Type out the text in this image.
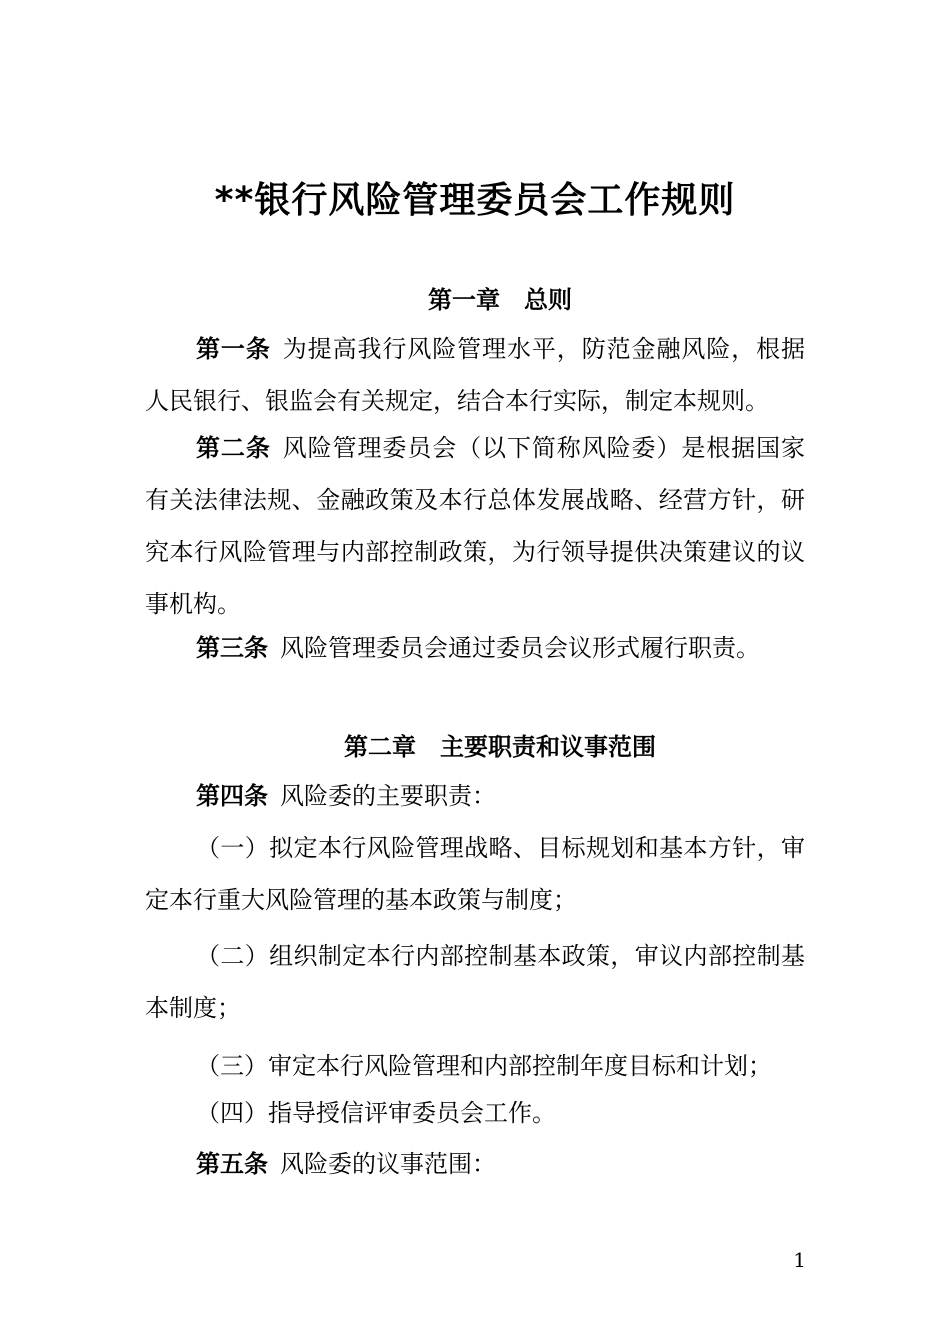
**银行风险管理委员会工作规则
第一章　总则

第一条 为提高我行风险管理水平，防范金融风险，根据人民银行、银监会有关规定，结合本行实际，制定本规则。

第二条 风险管理委员会（以下简称风险委）是根据国家有关法律法规、金融政策及本行总体发展战略、经营方针，研究本行风险管理与内部控制政策，为行领导提供决策建议的议事机构。

第三条 风险管理委员会通过委员会议形式履行职责。

第二章　主要职责和议事范围

第四条 风险委的主要职责：

（一）拟定本行风险管理战略、目标规划和基本方针，审定本行重大风险管理的基本政策与制度；

（二）组织制定本行内部控制基本政策，审议内部控制基本制度；

（三）审定本行风险管理和内部控制年度目标和计划；

（四）指导授信评审委员会工作。

第五条 风险委的议事范围：

1
